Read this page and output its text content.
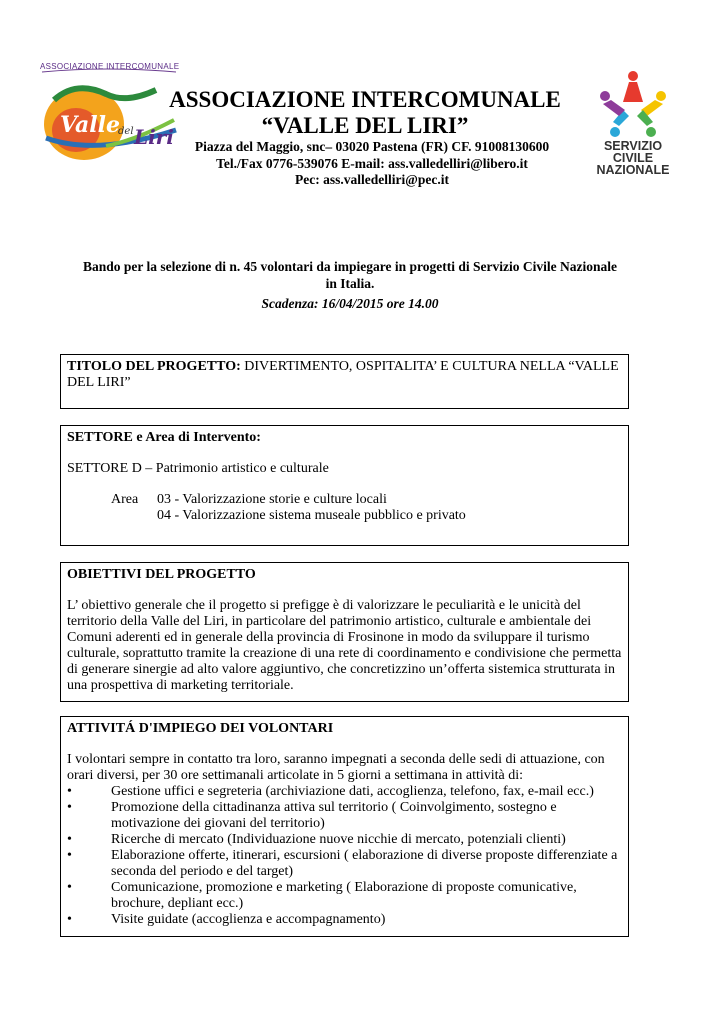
ASSOCIAZIONE INTERCOMUNALE
Valle
del Liri
ASSOCIAZIONE INTERCOMUNALE
“VALLE DEL LIRI”
Piazza del Maggio, snc– 03020 Pastena (FR) CF. 91008130600
Tel./Fax 0776-539076 E-mail: ass.valledelliri@libero.it
Pec: ass.valledelliri@pec.it
SERVIZIO CIVILE
NAZIONALE
Bando per la selezione di n. 45 volontari da impiegare in progetti di Servizio Civile Nazionale in Italia.
Scadenza: 16/04/2015 ore 14.00
TITOLO DEL PROGETTO: DIVERTIMENTO, OSPITALITA’ E CULTURA NELLA “VALLE DEL LIRI”
SETTORE e Area di Intervento:
SETTORE D – Patrimonio artistico e culturale
Area	03 - Valorizzazione storie e culture locali
04 - Valorizzazione sistema museale pubblico e privato
OBIETTIVI DEL PROGETTO
L’ obiettivo generale che il progetto si prefigge è di valorizzare le peculiarità e le unicità del territorio della Valle del Liri, in particolare del patrimonio artistico, culturale e ambientale dei Comuni aderenti ed in generale della provincia di Frosinone in modo da sviluppare il turismo culturale, soprattutto tramite la creazione di una rete di coordinamento e condivisione che permetta di generare sinergie ad alto valore aggiuntivo, che concretizzino un’offerta sistemica strutturata in una prospettiva di marketing territoriale.
ATTIVITÁ D'IMPIEGO DEI VOLONTARI
I volontari sempre in contatto tra loro, saranno impegnati a seconda delle sedi di attuazione, con orari diversi, per 30 ore settimanali articolate in 5 giorni a settimana in attività di:
•	Gestione uffici e segreteria (archiviazione dati, accoglienza, telefono, fax, e-mail ecc.)
•	Promozione della cittadinanza attiva sul territorio ( Coinvolgimento, sostegno e motivazione dei giovani del territorio)
•	Ricerche di mercato (Individuazione nuove nicchie di mercato, potenziali clienti)
•	Elaborazione offerte, itinerari, escursioni ( elaborazione di diverse proposte differenziate a seconda del periodo e del target)
•	Comunicazione, promozione e marketing ( Elaborazione di proposte comunicative, brochure, depliant ecc.)
•	Visite guidate (accoglienza e accompagnamento)
